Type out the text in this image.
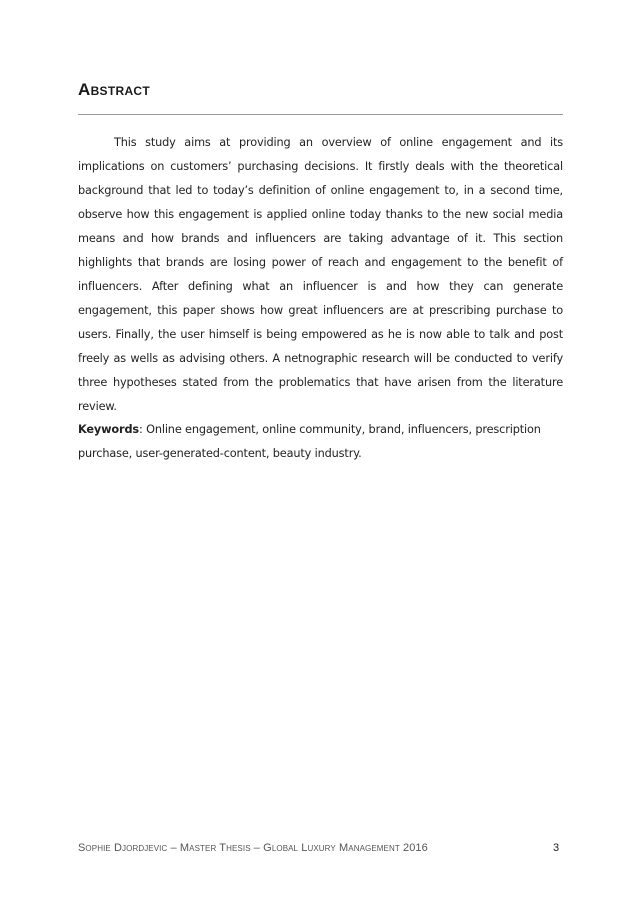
Abstract

This study aims at providing an overview of online engagement and its implications on customers’ purchasing decisions. It firstly deals with the theoretical background that led to today’s definition of online engagement to, in a second time, observe how this engagement is applied online today thanks to the new social media means and how brands and influencers are taking advantage of it. This section highlights that brands are losing power of reach and engagement to the benefit of influencers. After defining what an influencer is and how they can generate engagement, this paper shows how great influencers are at prescribing purchase to users. Finally, the user himself is being empowered as he is now able to talk and post freely as wells as advising others. A netnographic research will be conducted to verify three hypotheses stated from the problematics that have arisen from the literature review.

Keywords: Online engagement, online community, brand, influencers, prescription purchase, user-generated-content, beauty industry.

Sophie Djordjevic – Master Thesis – Global Luxury Management 2016	3
